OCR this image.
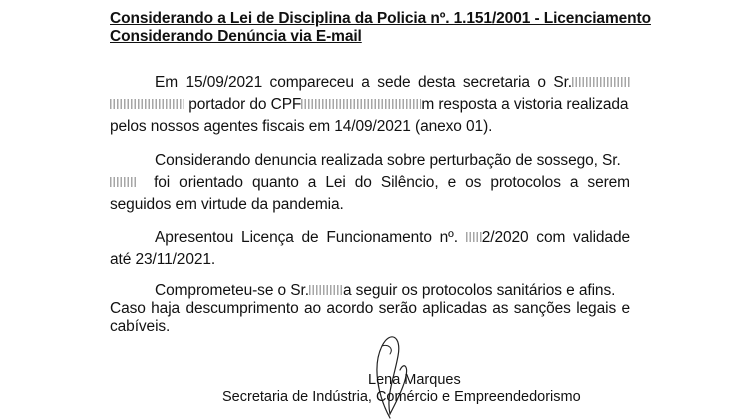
Considerando a Lei de Disciplina da Policia nº. 1.151/2001 - Licenciamento
Considerando Denúncia via E-mail
Em 15/09/2021 compareceu a sede desta secretaria o Sr.
portador do CPF	m resposta a vistoria realizada
pelos nossos agentes fiscais em 14/09/2021 (anexo 01).
Considerando denuncia realizada sobre perturbação de sossego, Sr.
foi orientado quanto a Lei do Silêncio, e os protocolos a serem
seguidos em virtude da pandemia.
Apresentou Licença de Funcionamento nº. 2/2020 com validade
até 23/11/2021.
Comprometeu-se o Sr. a seguir os protocolos sanitários e afins.
Caso haja descumprimento ao acordo serão aplicadas as sanções legais e
cabíveis.
Lena Marques
Secretaria de Indústria, Comércio e Empreendedorismo
